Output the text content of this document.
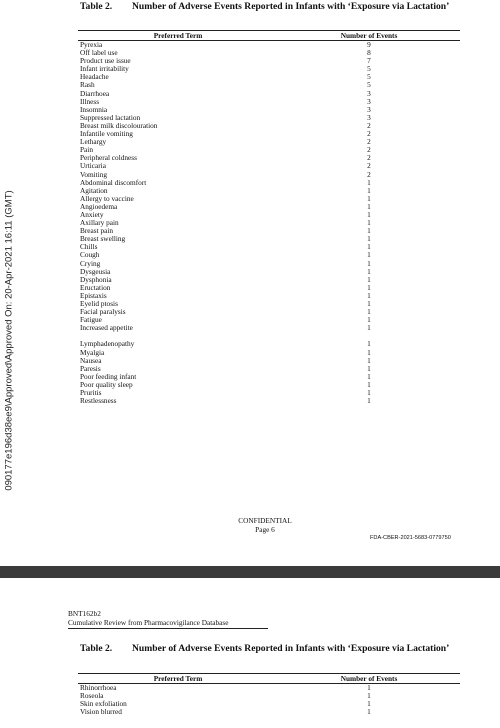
090177e196d38ee9\Approved\Approved On: 20-Apr-2021 16:11 (GMT)
Table 2. Number of Adverse Events Reported in Infants with ‘Exposure via Lactation’
Preferred Term	Number of Events
Pyrexia	9
Off label use	8
Product use issue	7
Infant irritability	5
Headache	5
Rash	5
Diarrhoea	3
Illness	3
Insomnia	3
Suppressed lactation	3
Breast milk discolouration	2
Infantile vomiting	2
Lethargy	2
Pain	2
Peripheral coldness	2
Urticaria	2
Vomiting	2
Abdominal discomfort	1
Agitation	1
Allergy to vaccine	1
Angioedema	1
Anxiety	1
Axillary pain	1
Breast pain	1
Breast swelling	1
Chills	1
Cough	1
Crying	1
Dysgeusia	1
Dysphonia	1
Eructation	1
Epistaxis	1
Eyelid ptosis	1
Facial paralysis	1
Fatigue	1
Increased appetite	1

Lymphadenopathy	1
Myalgia	1
Nausea	1
Paresis	1
Poor feeding infant	1
Poor quality sleep	1
Pruritis	1
Restlessness	1
CONFIDENTIAL
Page 6
FDA-CBER-2021-5683-0779750
BNT162b2
Cumulative Review from Pharmacovigilance Database
Table 2. Number of Adverse Events Reported in Infants with ‘Exposure via Lactation’
Preferred Term	Number of Events
Rhinorrhoea	1
Roseola	1
Skin exfoliation	1
Vision blurred	1
